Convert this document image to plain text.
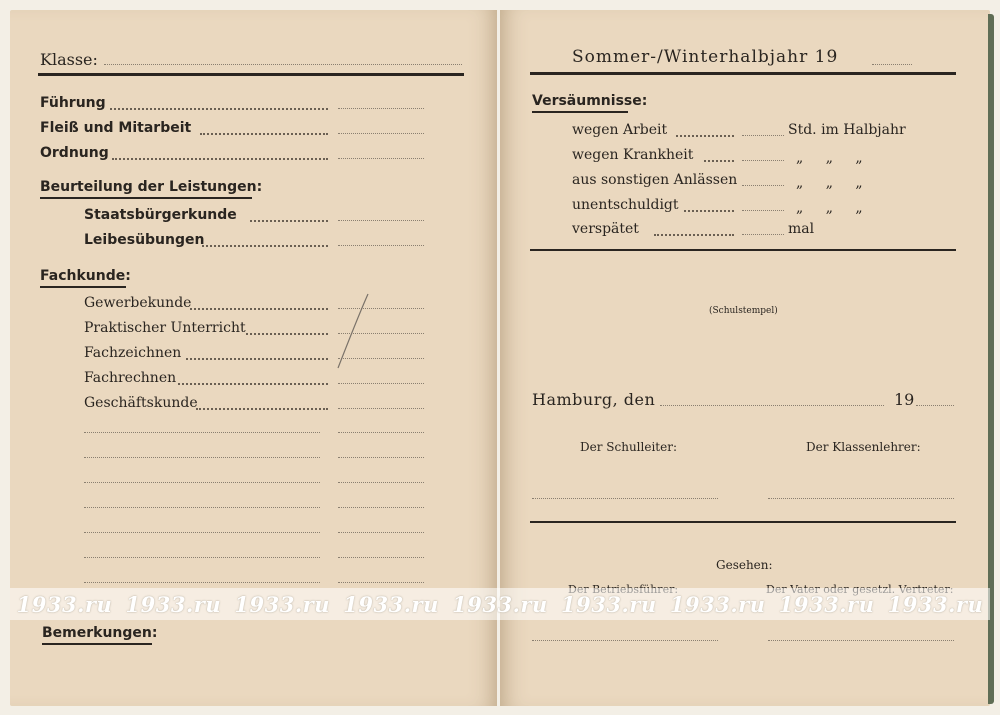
Klasse:
Führung
Fleiß und Mitarbeit
Ordnung
Beurteilung der Leistungen:
Staatsbürgerkunde
Leibesübungen
Fachkunde:
Gewerbekunde
Praktischer Unterricht
Fachzeichnen
Fachrechnen
Geschäftskunde
Bemerkungen:
Sommer-/Winterhalbjahr 19
Versäumnisse:
wegen Arbeit	Std. im Halbjahr
wegen Krankheit	„ „ „
aus sonstigen Anlässen	„ „ „
unentschuldigt	„ „ „
verspätet	mal
(Schulstempel)
Hamburg, den	19
Der Schulleiter:	Der Klassenlehrer:
Gesehen:
1933.ru 1933.ru 1933.ru 1933.ru 1933.ru 1933.ru 1933.ru 1933.ru 1933.ru
